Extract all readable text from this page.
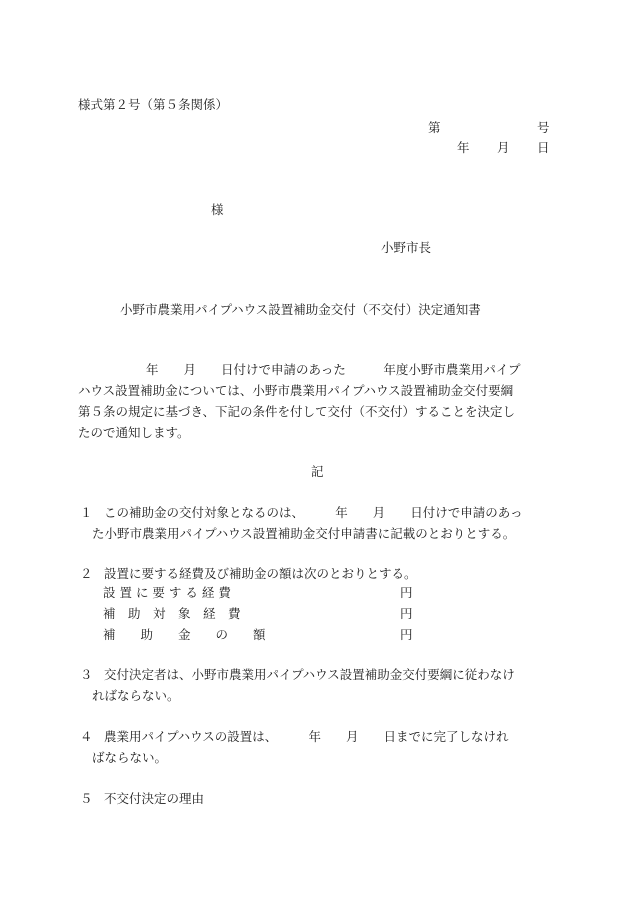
様式第２号（第５条関係）
第	号
年 月 日
様
小野市長
小野市農業用パイプハウス設置補助金交付（不交付）決定通知書
年　　月　　日付けで申請のあった　　　年度小野市農業用パイプ
ハウス設置補助金については、小野市農業用パイプハウス設置補助金交付要綱
第５条の規定に基づき、下記の条件を付して交付（不交付）することを決定し
たので通知します。
記
１ この補助金の交付対象となるのは、　　　年　　月　　日付けで申請のあっ
た小野市農業用パイプハウス設置補助金交付申請書に記載のとおりとする。
２ 設置に要する経費及び補助金の額は次のとおりとする。
設 置 に 要 す る 経 費	円
補　助　対　象　経　費	円
補　　助　　金　　の　　額	円
３ 交付決定者は、小野市農業用パイプハウス設置補助金交付要綱に従わなけ
ればならない。
４ 農業用パイプハウスの設置は、　　　年　　月　　日までに完了しなけれ
ばならない。
５ 不交付決定の理由
